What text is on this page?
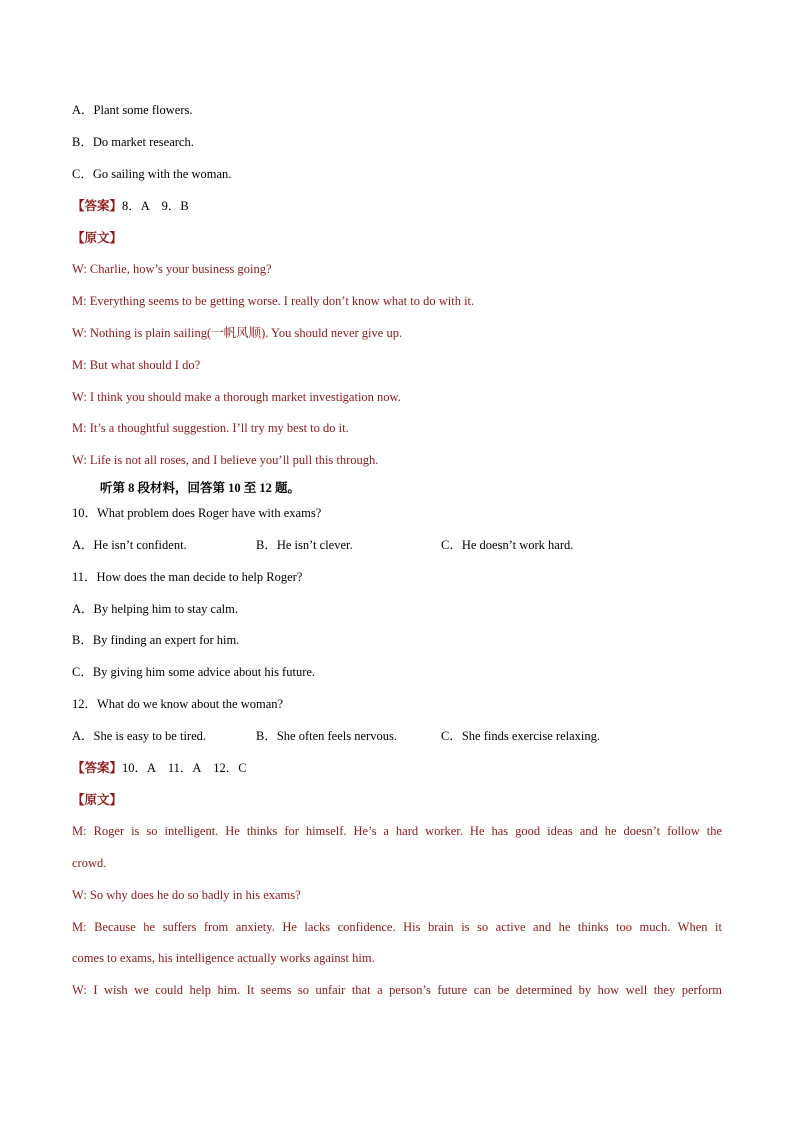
A．Plant some flowers.
B．Do market research.
C．Go sailing with the woman.
【答案】8．A　9．B
【原文】
W: Charlie, how’s your business going?
M: Everything seems to be getting worse. I really don’t know what to do with it.
W: Nothing is plain sailing(一帆风顺). You should never give up.
M: But what should I do?
W: I think you should make a thorough market investigation now.
M: It’s a thoughtful suggestion. I’ll try my best to do it.
W: Life is not all roses, and I believe you’ll pull this through.
听第 8 段材料，回答第 10 至 12 题。
10．What problem does Roger have with exams?
A．He isn’t confident.	B．He isn’t clever.	C．He doesn’t work hard.
11．How does the man decide to help Roger?
A．By helping him to stay calm.
B．By finding an expert for him.
C．By giving him some advice about his future.
12．What do we know about the woman?
A．She is easy to be tired.	B．She often feels nervous.	C．She finds exercise relaxing.
【答案】10．A　11．A　12．C
【原文】
M: Roger is so intelligent. He thinks for himself. He’s a hard worker. He has good ideas and he doesn’t follow the
crowd.
W: So why does he do so badly in his exams?
M: Because he suffers from anxiety. He lacks confidence. His brain is so active and he thinks too much. When it
comes to exams, his intelligence actually works against him.
W: I wish we could help him. It seems so unfair that a person’s future can be determined by how well they perform
